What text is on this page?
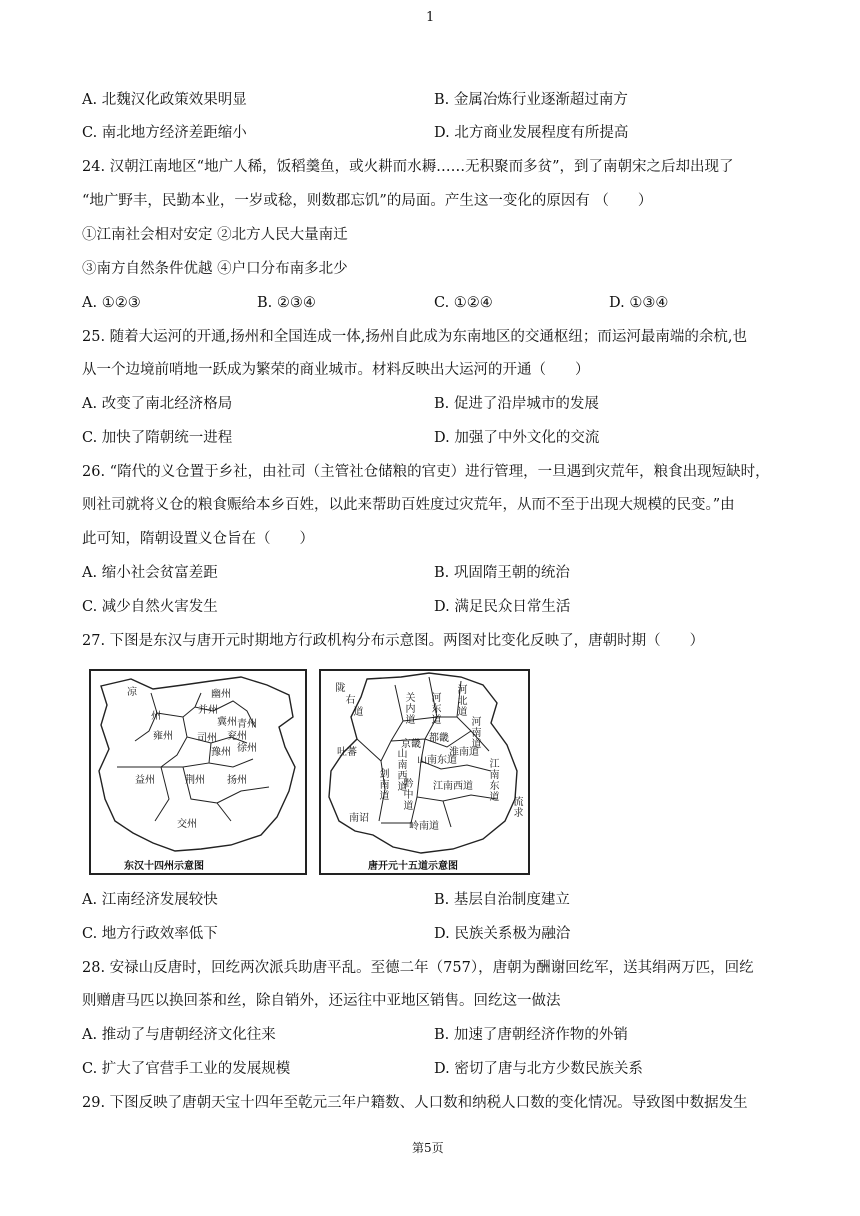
1
A. 北魏汉化政策效果明显	B. 金属冶炼行业逐渐超过南方
C. 南北地方经济差距缩小	D. 北方商业发展程度有所提高
24. 汉朝江南地区“地广人稀，饭稻羹鱼，或火耕而水耨……无积聚而多贫”，到了南朝宋之后却出现了
“地广野丰，民勤本业，一岁或稔，则数郡忘饥”的局面。产生这一变化的原因有 （　　）
①江南社会相对安定 ②北方人民大量南迁
③南方自然条件优越 ④户口分布南多北少
A. ①②③	B. ②③④	C. ①②④	D. ①③④
25. 随着大运河的开通,扬州和全国连成一体,扬州自此成为东南地区的交通枢纽；而运河最南端的余杭,也
从一个边境前哨地一跃成为繁荣的商业城市。材料反映出大运河的开通（　　）
A. 改变了南北经济格局	B. 促进了沿岸城市的发展
C. 加快了隋朝统一进程	D. 加强了中外文化的交流
26. “隋代的义仓置于乡社，由社司（主管社仓储粮的官吏）进行管理，一旦遇到灾荒年，粮食出现短缺时，
则社司就将义仓的粮食赈给本乡百姓，以此来帮助百姓度过灾荒年，从而不至于出现大规模的民变。”由
此可知，隋朝设置义仓旨在（　　）
A. 缩小社会贫富差距	B. 巩固隋王朝的统治
C. 减少自然火害发生	D. 满足民众日常生活
27. 下图是东汉与唐开元时期地方行政机构分布示意图。两图对比变化反映了，唐朝时期（　　）
凉
州
幽州
并州
冀州 青州
司州 兖州
豫州 徐州
雍州
益州	荆州 扬州
交州
东汉十四州示意图
陇
右
道
关内道
河东道
河北道
河南道
吐蕃
京畿
都畿
山南西道
山南东道
淮南道
剑南道
黔中道
江南西道
江南东道
岭南道
南诏
流求
唐开元十五道示意图
A. 江南经济发展较快	B. 基层自治制度建立
C. 地方行政效率低下	D. 民族关系极为融洽
28. 安禄山反唐时，回纥两次派兵助唐平乱。至德二年（757），唐朝为酬谢回纥军，送其绢两万匹，回纥
则赠唐马匹以换回茶和丝，除自销外，还运往中亚地区销售。回纥这一做法
A. 推动了与唐朝经济文化往来	B. 加速了唐朝经济作物的外销
C. 扩大了官营手工业的发展规模	D. 密切了唐与北方少数民族关系
29. 下图反映了唐朝天宝十四年至乾元三年户籍数、人口数和纳税人口数的变化情况。导致图中数据发生
第5页
